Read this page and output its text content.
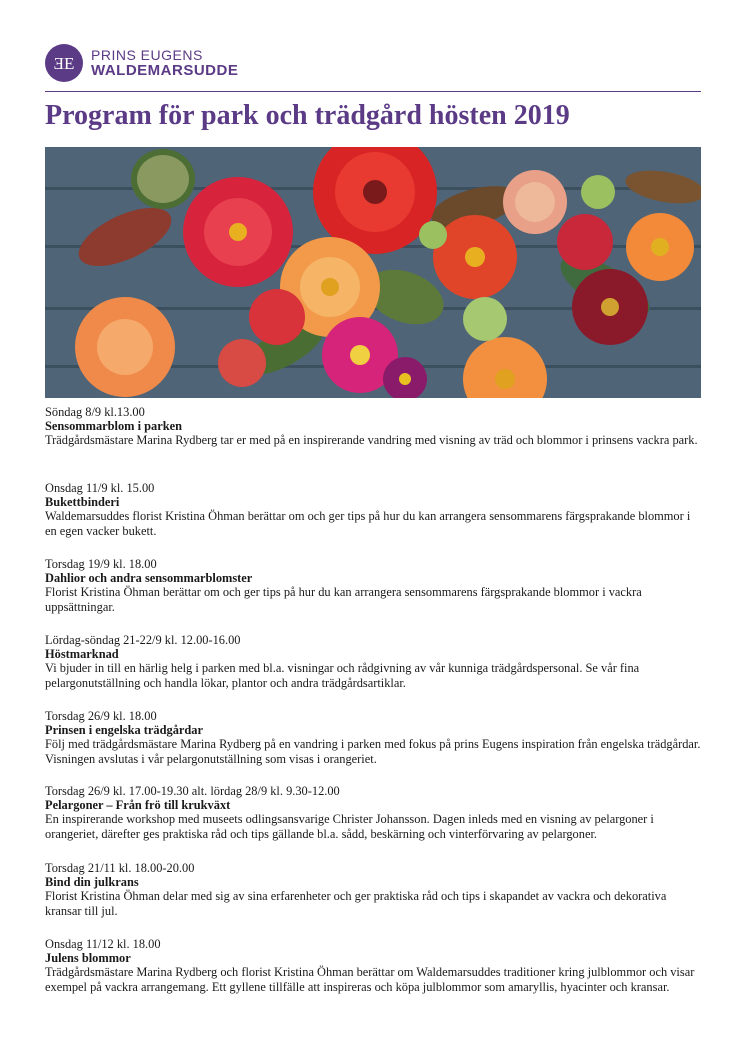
ƎE PRINS EUGENS
WALDEMARSUDDE
Program för park och trädgård hösten 2019
Söndag 8/9 kl.13.00
Sensommarblom i parken
Trädgårdsmästare Marina Rydberg tar er med på en inspirerande vandring med visning av träd och blommor i prinsens vackra park.
Onsdag 11/9 kl. 15.00
Bukettbinderi
Waldemarsuddes florist Kristina Öhman berättar om och ger tips på hur du kan arrangera sensommarens färgsprakande blommor i en egen vacker bukett.
Torsdag 19/9 kl. 18.00
Dahlior och andra sensommarblomster
Florist Kristina Öhman berättar om och ger tips på hur du kan arrangera sensommarens färgsprakande blommor i vackra uppsättningar.
Lördag-söndag 21-22/9 kl. 12.00-16.00
Höstmarknad
Vi bjuder in till en härlig helg i parken med bl.a. visningar och rådgivning av vår kunniga trädgårdspersonal. Se vår fina pelargonutställning och handla lökar, plantor och andra trädgårdsartiklar.
Torsdag 26/9 kl. 18.00
Prinsen i engelska trädgårdar
Följ med trädgårdsmästare Marina Rydberg på en vandring i parken med fokus på prins Eugens inspiration från engelska trädgårdar. Visningen avslutas i vår pelargonutställning som visas i orangeriet.
Torsdag 26/9 kl. 17.00-19.30 alt. lördag 28/9 kl. 9.30-12.00
Pelargoner – Från frö till krukväxt
En inspirerande workshop med museets odlingsansvarige Christer Johansson. Dagen inleds med en visning av pelargoner i orangeriet, därefter ges praktiska råd och tips gällande bl.a. sådd, beskärning och vinterförvaring av pelargoner.
Torsdag 21/11 kl. 18.00-20.00
Bind din julkrans
Florist Kristina Öhman delar med sig av sina erfarenheter och ger praktiska råd och tips i skapandet av vackra och dekorativa kransar till jul.
Onsdag 11/12 kl. 18.00
Julens blommor
Trädgårdsmästare Marina Rydberg och florist Kristina Öhman berättar om Waldemarsuddes traditioner kring julblommor och visar exempel på vackra arrangemang. Ett gyllene tillfälle att inspireras och köpa julblommor som amaryllis, hyacinter och kransar.
